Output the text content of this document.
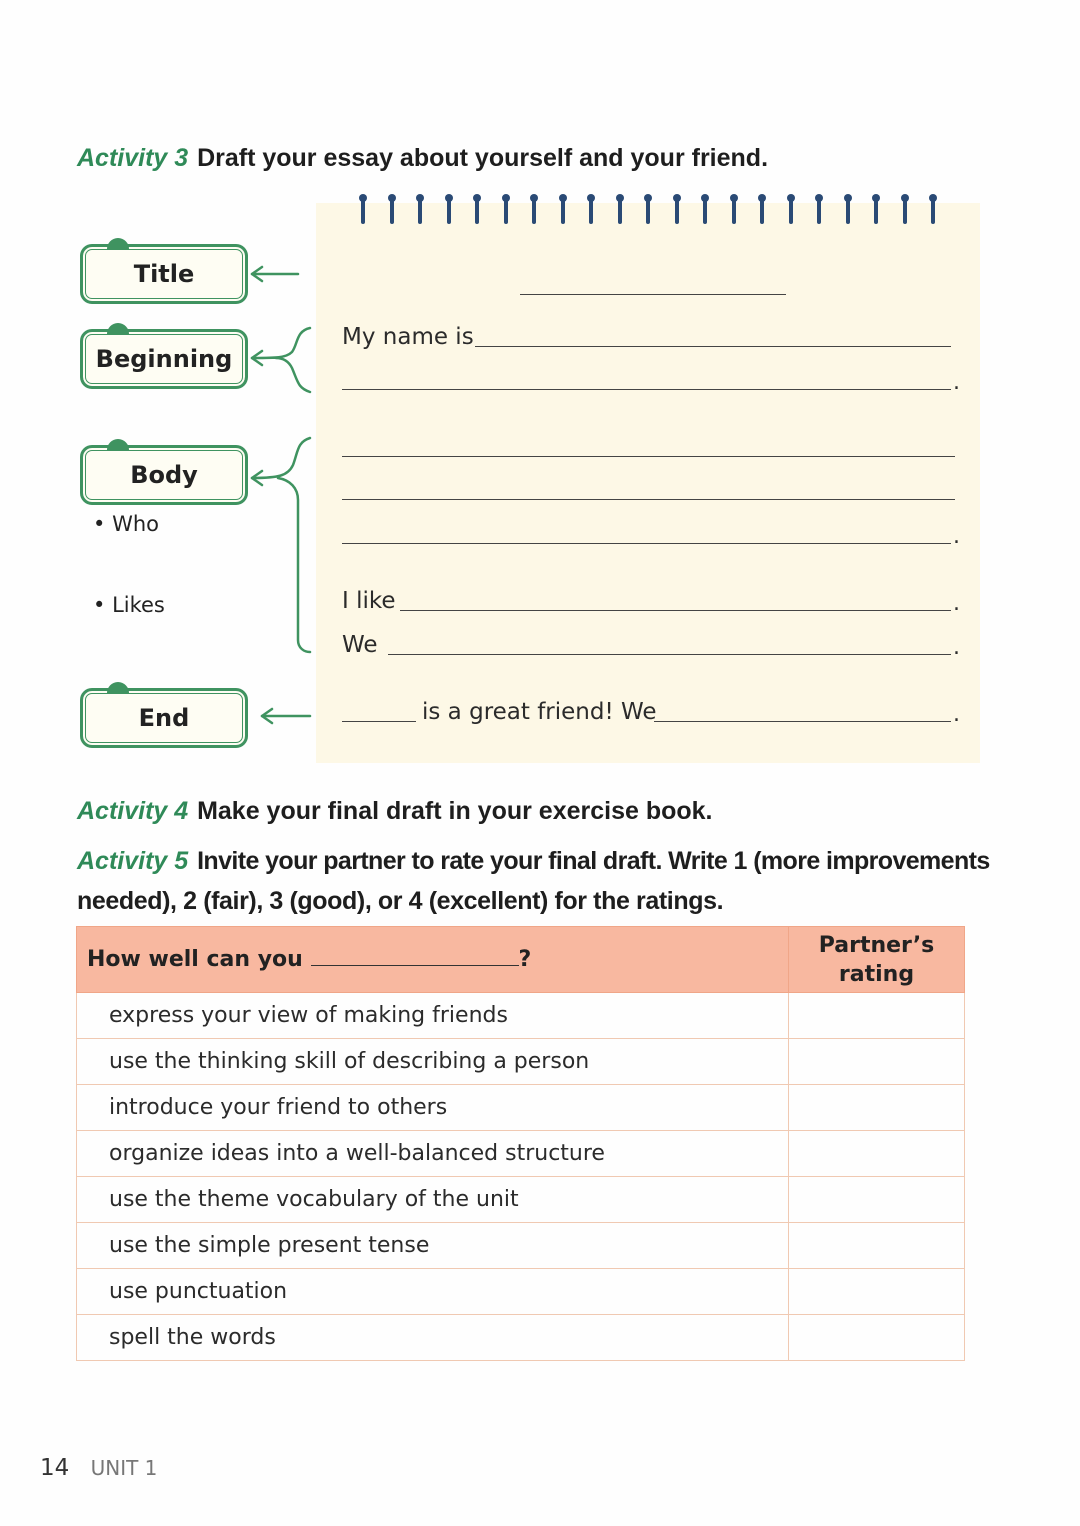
Activity 3 Draft your essay about yourself and your friend.
Title
Beginning
Body
End
• Who
• Likes
My name is
.
.
I like	.
We	.
is a great friend! We	.
Activity 4 Make your final draft in your exercise book.
Activity 5 Invite your partner to rate your final draft. Write 1 (more improvements
needed), 2 (fair), 3 (good), or 4 (excellent) for the ratings.
How well can you ?	Partner’s
rating
express your view of making friends	
use the thinking skill of describing a person	
introduce your friend to others	
organize ideas into a well-balanced structure	
use the theme vocabulary of the unit	
use the simple present tense	
use punctuation	
spell the words	
14 UNIT 1
